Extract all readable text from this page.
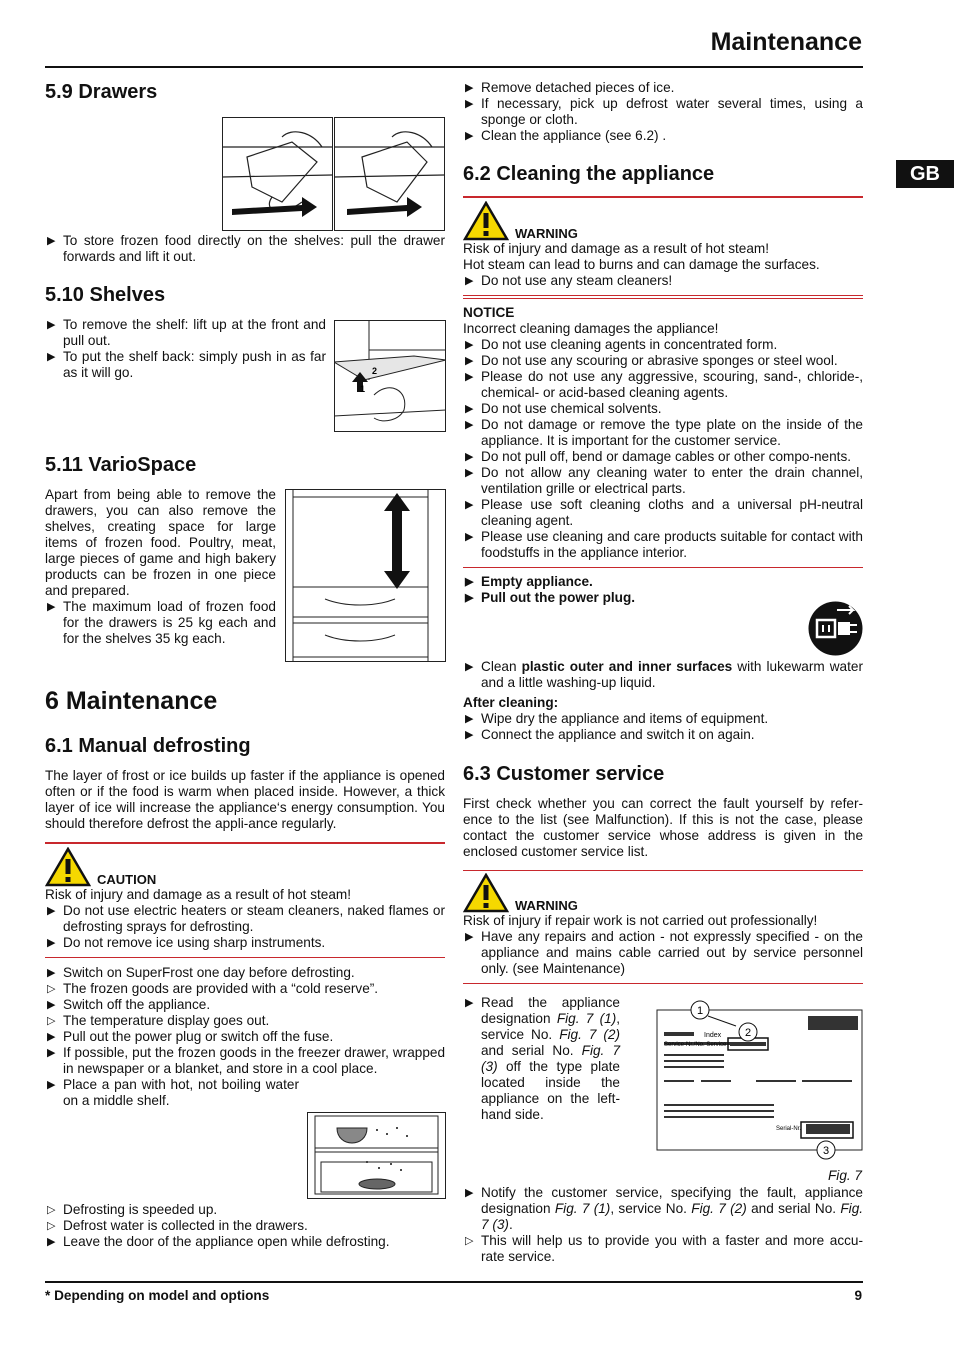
Maintenance
GB
5.9 Drawers

▶ To store frozen food directly on the shelves: pull the drawer forwards and lift it out.

5.10 Shelves

▶ To remove the shelf: lift up at the front and pull out.

▶ To put the shelf back: simply push in as far as it will go.	2
1
5.11 VarioSpace

Apart from being able to remove the drawers, you can also remove the shelves, creating space for large items of frozen food. Poultry, meat, large pieces of game and high bakery products can be frozen in one piece and prepared.

▶ The maximum load of frozen food for the drawers is 25 kg each and for the shelves 35 kg each.

6 Maintenance
6.1 Manual defrosting

The layer of frost or ice builds up faster if the appliance is opened often or if the food is warm when placed inside. However, a thick layer of ice will increase the appliance‘s energy consumption. You should therefore defrost the appli-ance regularly.

CAUTION

Risk of injury and damage as a result of hot steam!

▶ Do not use electric heaters or steam cleaners, naked flames or defrosting sprays for defrosting.

▶ Do not remove ice using sharp instruments.

▶ Switch on SuperFrost one day before defrosting.

▷ The frozen goods are provided with a “cold reserve”.

▶ Switch off the appliance.

▷ The temperature display goes out.

▶ Pull out the power plug or switch off the fuse.

▶ If possible, put the frozen goods in the freezer drawer, wrapped in newspaper or a blanket, and store in a cool place.

▶ Place a pan with hot, not boiling water on a middle shelf.

▷ Defrosting is speeded up.

▷ Defrost water is collected in the drawers.

▶ Leave the door of the appliance open while defrosting.

▶ Remove detached pieces of ice.

▶ If necessary, pick up defrost water several times, using a sponge or cloth.

▶ Clean the appliance (see 6.2) .

6.2 Cleaning the appliance
WARNING

Risk of injury and damage as a result of hot steam!

Hot steam can lead to burns and can damage the surfaces.

▶ Do not use any steam cleaners!

NOTICE

Incorrect cleaning damages the appliance!

▶ Do not use cleaning agents in concentrated form.

▶ Do not use any scouring or abrasive sponges or steel wool.

▶ Please do not use any aggressive, scouring, sand-, chloride-, chemical- or acid-based cleaning agents.

▶ Do not use chemical solvents.

▶ Do not damage or remove the type plate on the inside of the appliance. It is important for the customer service.

▶ Do not pull off, bend or damage cables or other compo-nents.

▶ Do not allow any cleaning water to enter the drain channel, ventilation grille or electrical parts.

▶ Please use soft cleaning cloths and a universal pH-neutral cleaning agent.

▶ Please use cleaning and care products suitable for contact with foodstuffs in the appliance interior.

▶ Empty appliance.

▶ Pull out the power plug.

▶ Clean plastic outer and inner surfaces with lukewarm water and a little washing-up liquid.

After cleaning:

▶ Wipe dry the appliance and items of equipment.

▶ Connect the appliance and switch it on again.

6.3 Customer service

First check whether you can correct the fault yourself by refer-ence to the list (see Malfunction). If this is not the case, please contact the customer service whose address is given in the enclosed customer service list.

WARNING

Risk of injury if repair work is not carried out professionally!

▶ Have any repairs and action - not expressly specified - on the appliance and mains cable carried out by service personnel only. (see Maintenance)

▶ Read the appliance designation Fig. 7 (1), service No. Fig. 7 (2) and serial No. Fig. 7 (3) off the type plate located inside the appliance on the left-hand side.

Index
Service-Nr./No. Service
Serial-Nr.
1
2
3
Fig. 7

▶ Notify the customer service, specifying the fault, appliance designation Fig. 7 (1), service No. Fig. 7 (2) and serial No. Fig. 7 (3).

▷ This will help us to provide you with a faster and more accu-rate service.

* Depending on model and options	9
